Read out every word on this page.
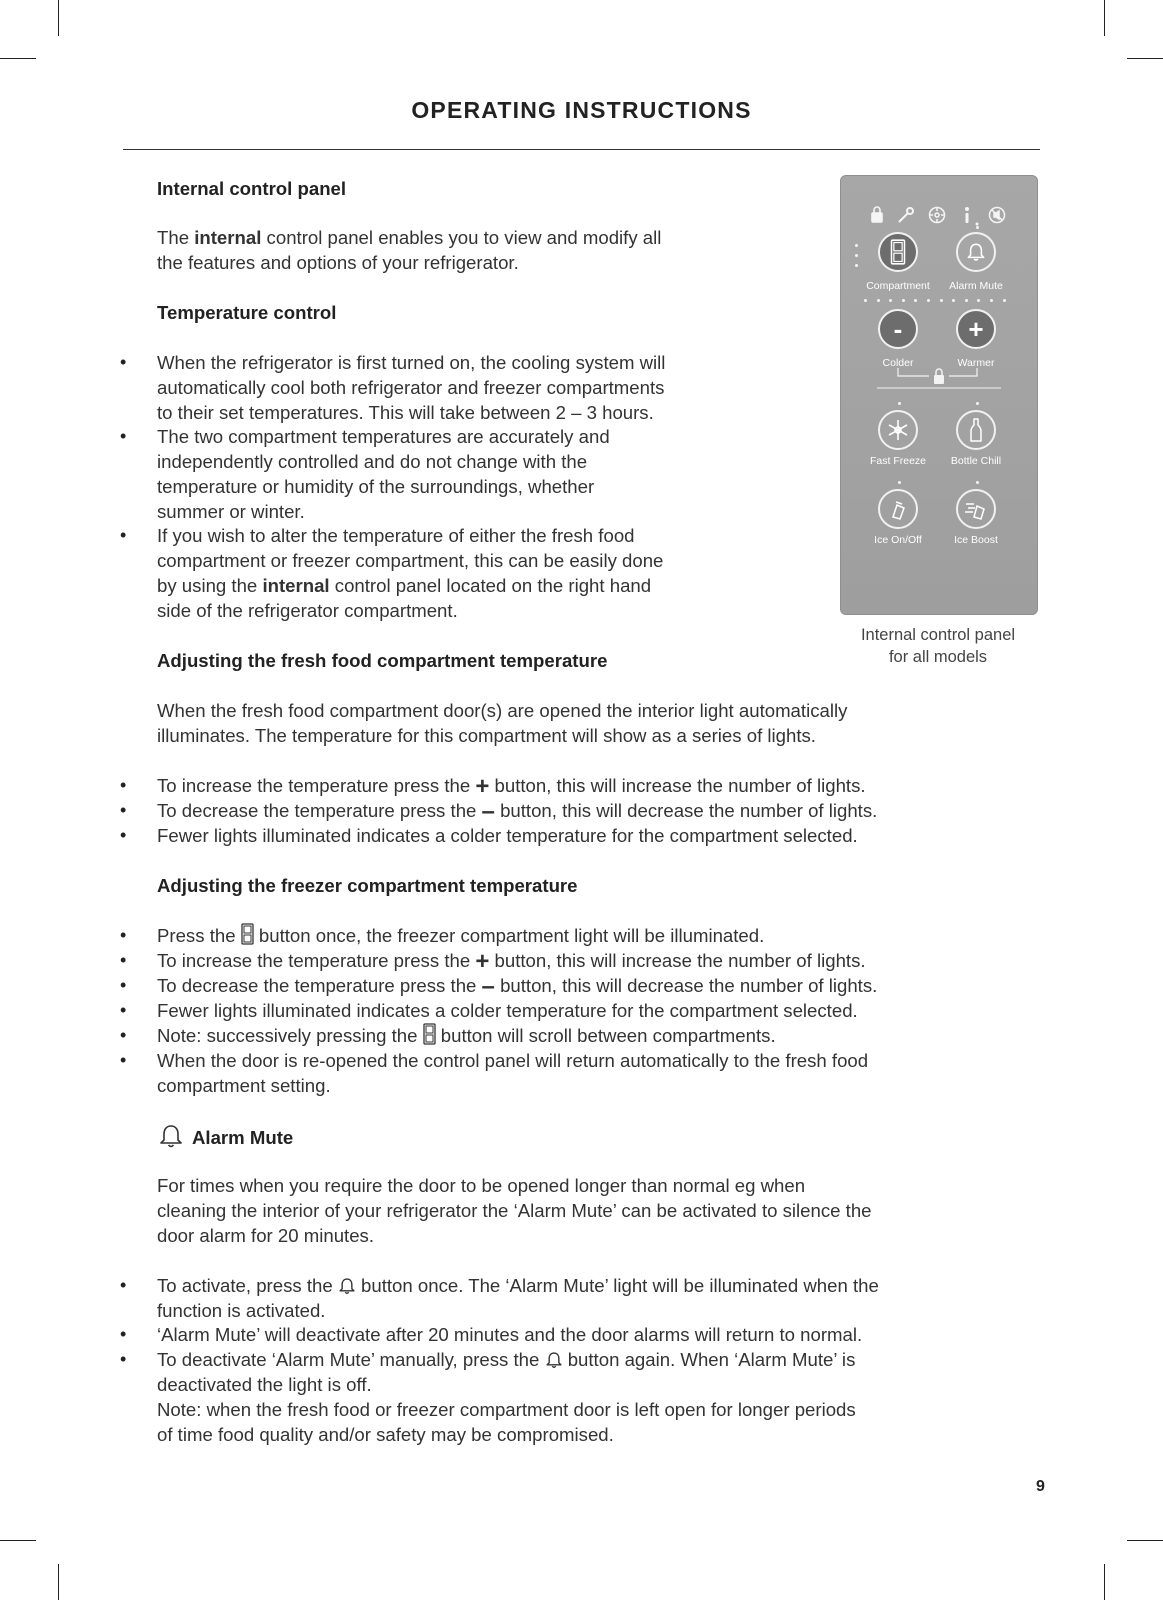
OPERATING INSTRUCTIONS
Internal control panel
The internal control panel enables you to view and modify all
the features and options of your refrigerator.
Temperature control
• When the refrigerator is first turned on, the cooling system will
automatically cool both refrigerator and freezer compartments
to their set temperatures. This will take between 2 – 3 hours.
• The two compartment temperatures are accurately and
independently controlled and do not change with the
temperature or humidity of the surroundings, whether
summer or winter.
• If you wish to alter the temperature of either the fresh food
compartment or freezer compartment, this can be easily done
by using the internal control panel located on the right hand
side of the refrigerator compartment.
Adjusting the fresh food compartment temperature
When the fresh food compartment door(s) are opened the interior light automatically
illuminates. The temperature for this compartment will show as a series of lights.
• To increase the temperature press the + button, this will increase the number of lights.
• To decrease the temperature press the – button, this will decrease the number of lights.
• Fewer lights illuminated indicates a colder temperature for the compartment selected.
Adjusting the freezer compartment temperature
• Press the  button once, the freezer compartment light will be illuminated.
• To increase the temperature press the + button, this will increase the number of lights.
• To decrease the temperature press the – button, this will decrease the number of lights.
• Fewer lights illuminated indicates a colder temperature for the compartment selected.
• Note: successively pressing the  button will scroll between compartments.
• When the door is re-opened the control panel will return automatically to the fresh food
compartment setting.
Alarm Mute
For times when you require the door to be opened longer than normal eg when
cleaning the interior of your refrigerator the ‘Alarm Mute’ can be activated to silence the
door alarm for 20 minutes.
• To activate, press the  button once. The ‘Alarm Mute’ light will be illuminated when the
function is activated.
• ‘Alarm Mute’ will deactivate after 20 minutes and the door alarms will return to normal.
• To deactivate ‘Alarm Mute’ manually, press the  button again. When ‘Alarm Mute’ is
deactivated the light is off.
Note: when the fresh food or freezer compartment door is left open for longer periods
of time food quality and/or safety may be compromised.
Compartment	Alarm Mute
-	+
Colder	Warmer
Fast Freeze	Bottle Chill
Ice On/Off	Ice Boost
Internal control panel
for all models
9
